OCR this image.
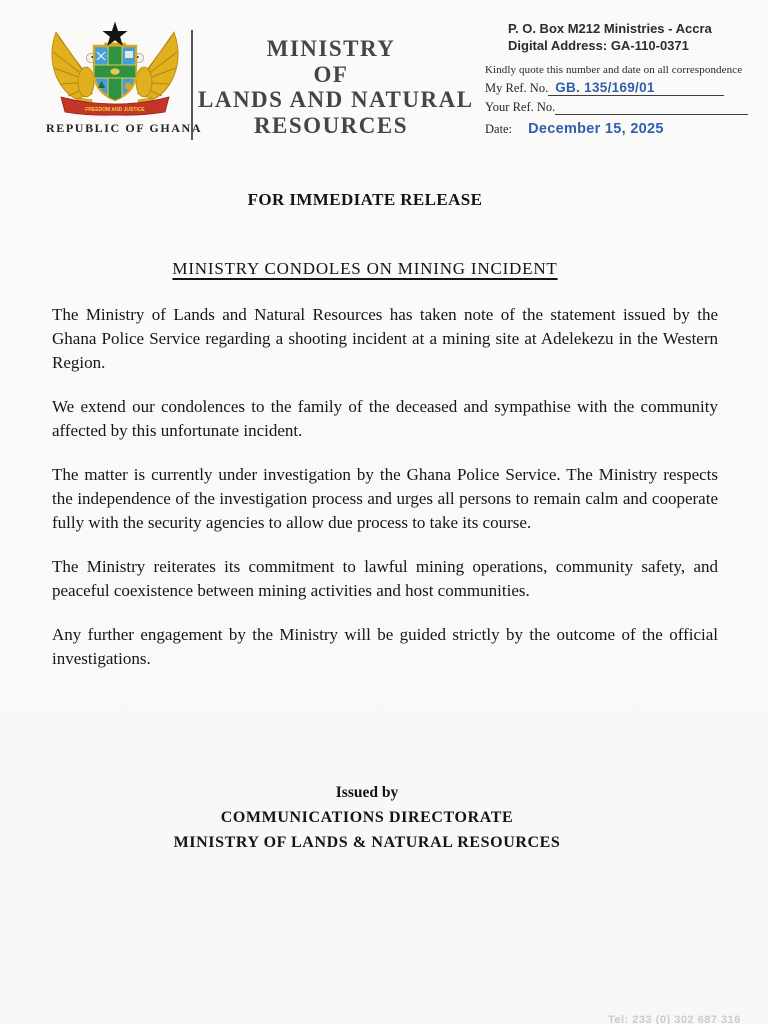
FREEDOM AND JUSTICE
REPUBLIC OF GHANA
MINISTRY
OF
LANDS AND NATURAL
RESOURCES
P. O. Box M212 Ministries - Accra
Digital Address: GA-110-0371
Kindly quote this number and date on all correspondence
My Ref. No. GB. 135/169/01
Your Ref. No.
Date: December 15, 2025
FOR IMMEDIATE RELEASE
MINISTRY CONDOLES ON MINING INCIDENT

The Ministry of Lands and Natural Resources has taken note of the statement issued by the Ghana Police Service regarding a shooting incident at a mining site at Adelekezu in the Western Region.

We extend our condolences to the family of the deceased and sympathise with the community affected by this unfortunate incident.

The matter is currently under investigation by the Ghana Police Service. The Ministry respects the independence of the investigation process and urges all persons to remain calm and cooperate fully with the security agencies to allow due process to take its course.

The Ministry reiterates its commitment to lawful mining operations, community safety, and peaceful coexistence between mining activities and host communities.

Any further engagement by the Ministry will be guided strictly by the outcome of the official investigations.

Issued by
COMMUNICATIONS DIRECTORATE
MINISTRY OF LANDS & NATURAL RESOURCES
Tel: 233 (0) 302 687 316
